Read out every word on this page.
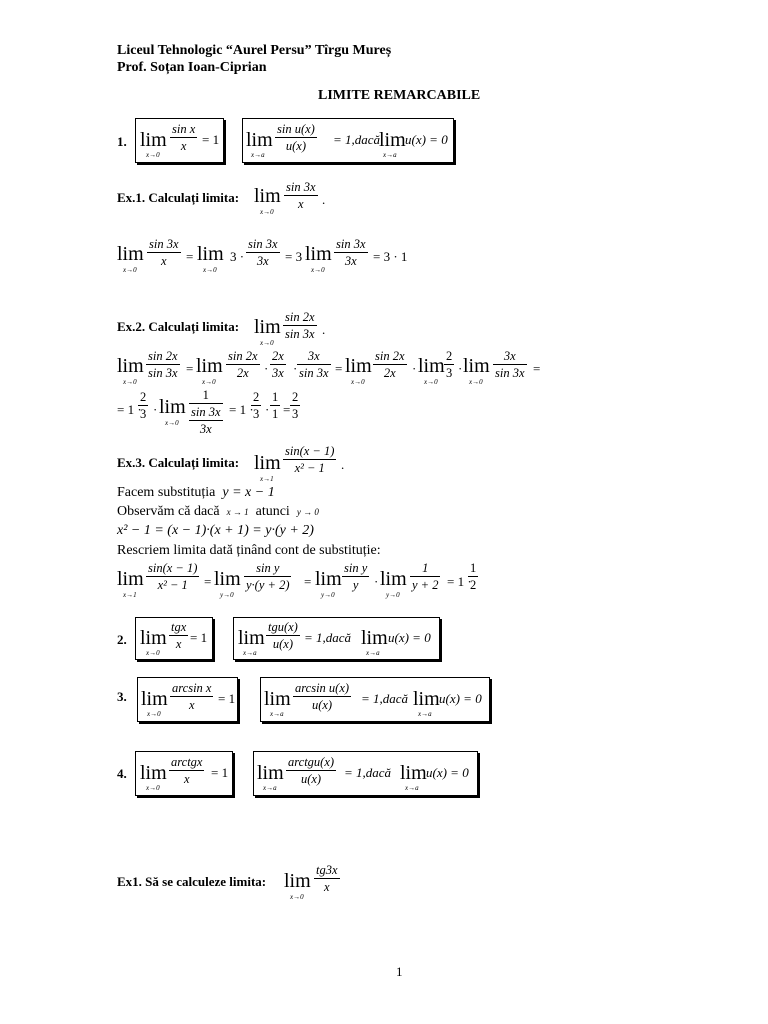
Liceul Tehnologic “Aurel Persu” Tîrgu Mureș
Prof. Soțan Ioan-Ciprian
LIMITE REMARCABILE
1. lim
x→0
$\frac{\text{sin x}}{x} = 1$ lim
x→a
$\frac{\text{sin u(x)}}{u(x)}$ = 1,dacă
lim
x→a
u(x) = 0
Ex.1. Calculați limita: lim
$x\to 0 \frac{\sin 3x}{x}$ .
lim
x→0
$\frac{\sin 3x}{x} = \lim$
x→0
$3 \cdot \frac{\sin 3x}{3x} = 3$ ·
lim
x→0
$\frac{\sin 3x}{3x} = 3 \cdot 1$
Ex.2. Calculați limita: lim
x→0
$\frac{\sin 2x}{\sin 3x}$ .
lim
x→0
$\frac{\sin 2x}{\sin 3x} = \lim$
x→0
$\frac{\sin 2x}{2x} \cdot \frac{2x}{3x} \cdot \frac{3x}{\sin 3x} = \lim$
x→0
$\frac{\sin 2x}{2x} \cdot \lim$
x→0
$\frac{2}{3} \cdot \lim$
x→0
$\frac{3x}{\sin 3x}$ =
= 1 ·
$\frac{2}{3} \cdot \lim$
x→0 1
sin 3x
3x = 1 ·
$\frac{2}{3} \cdot \frac{1}{1} = \frac{2}{3}$
Ex.3. Calculați limita: lim
x→1
$\frac{\sin(x - 1)}{\text{x² − 1}}$ .
Facem substituția y = x − 1
Observăm că dacă x → 1 atunci y → 0
x² − 1 = (x − 1)·(x + 1) = y·(y + 2)
Rescriem limita dată ținând cont de substituție:
lim
x→1
$\frac{\sin(x - 1)}{\text{x² − 1}} = \lim$
y→0
$\frac{\text{sin y}}{y\cdot(y + 2)} = \lim$
y→0
$\frac{\text{sin y}}{y} \cdot \lim$
y→0
$\frac{1}{y + 2} = 1$ ·
$\frac{1}{2}$
2. lim
x→0
tgx
x = 1 lim
x→a
tgu(x)
u(x) = 1,dacă lim
x→a
u(x) = 0
3. lim
x→0
$\frac{\text{arcsin x}}{x} = 1$ lim
x→a
$\frac{\text{arcsin u(x)}}{u(x)}$ = 1,dacă lim
x→a
u(x) = 0
4. lim
x→0
arctgx
x	= 1 lim
x→a
arctgu(x)
u(x)	= 1,dacă lim
x→a
u(x) = 0
Ex1. Să se calculeze limita: lim
x→0
$\frac{tg3x}{x}$
1
